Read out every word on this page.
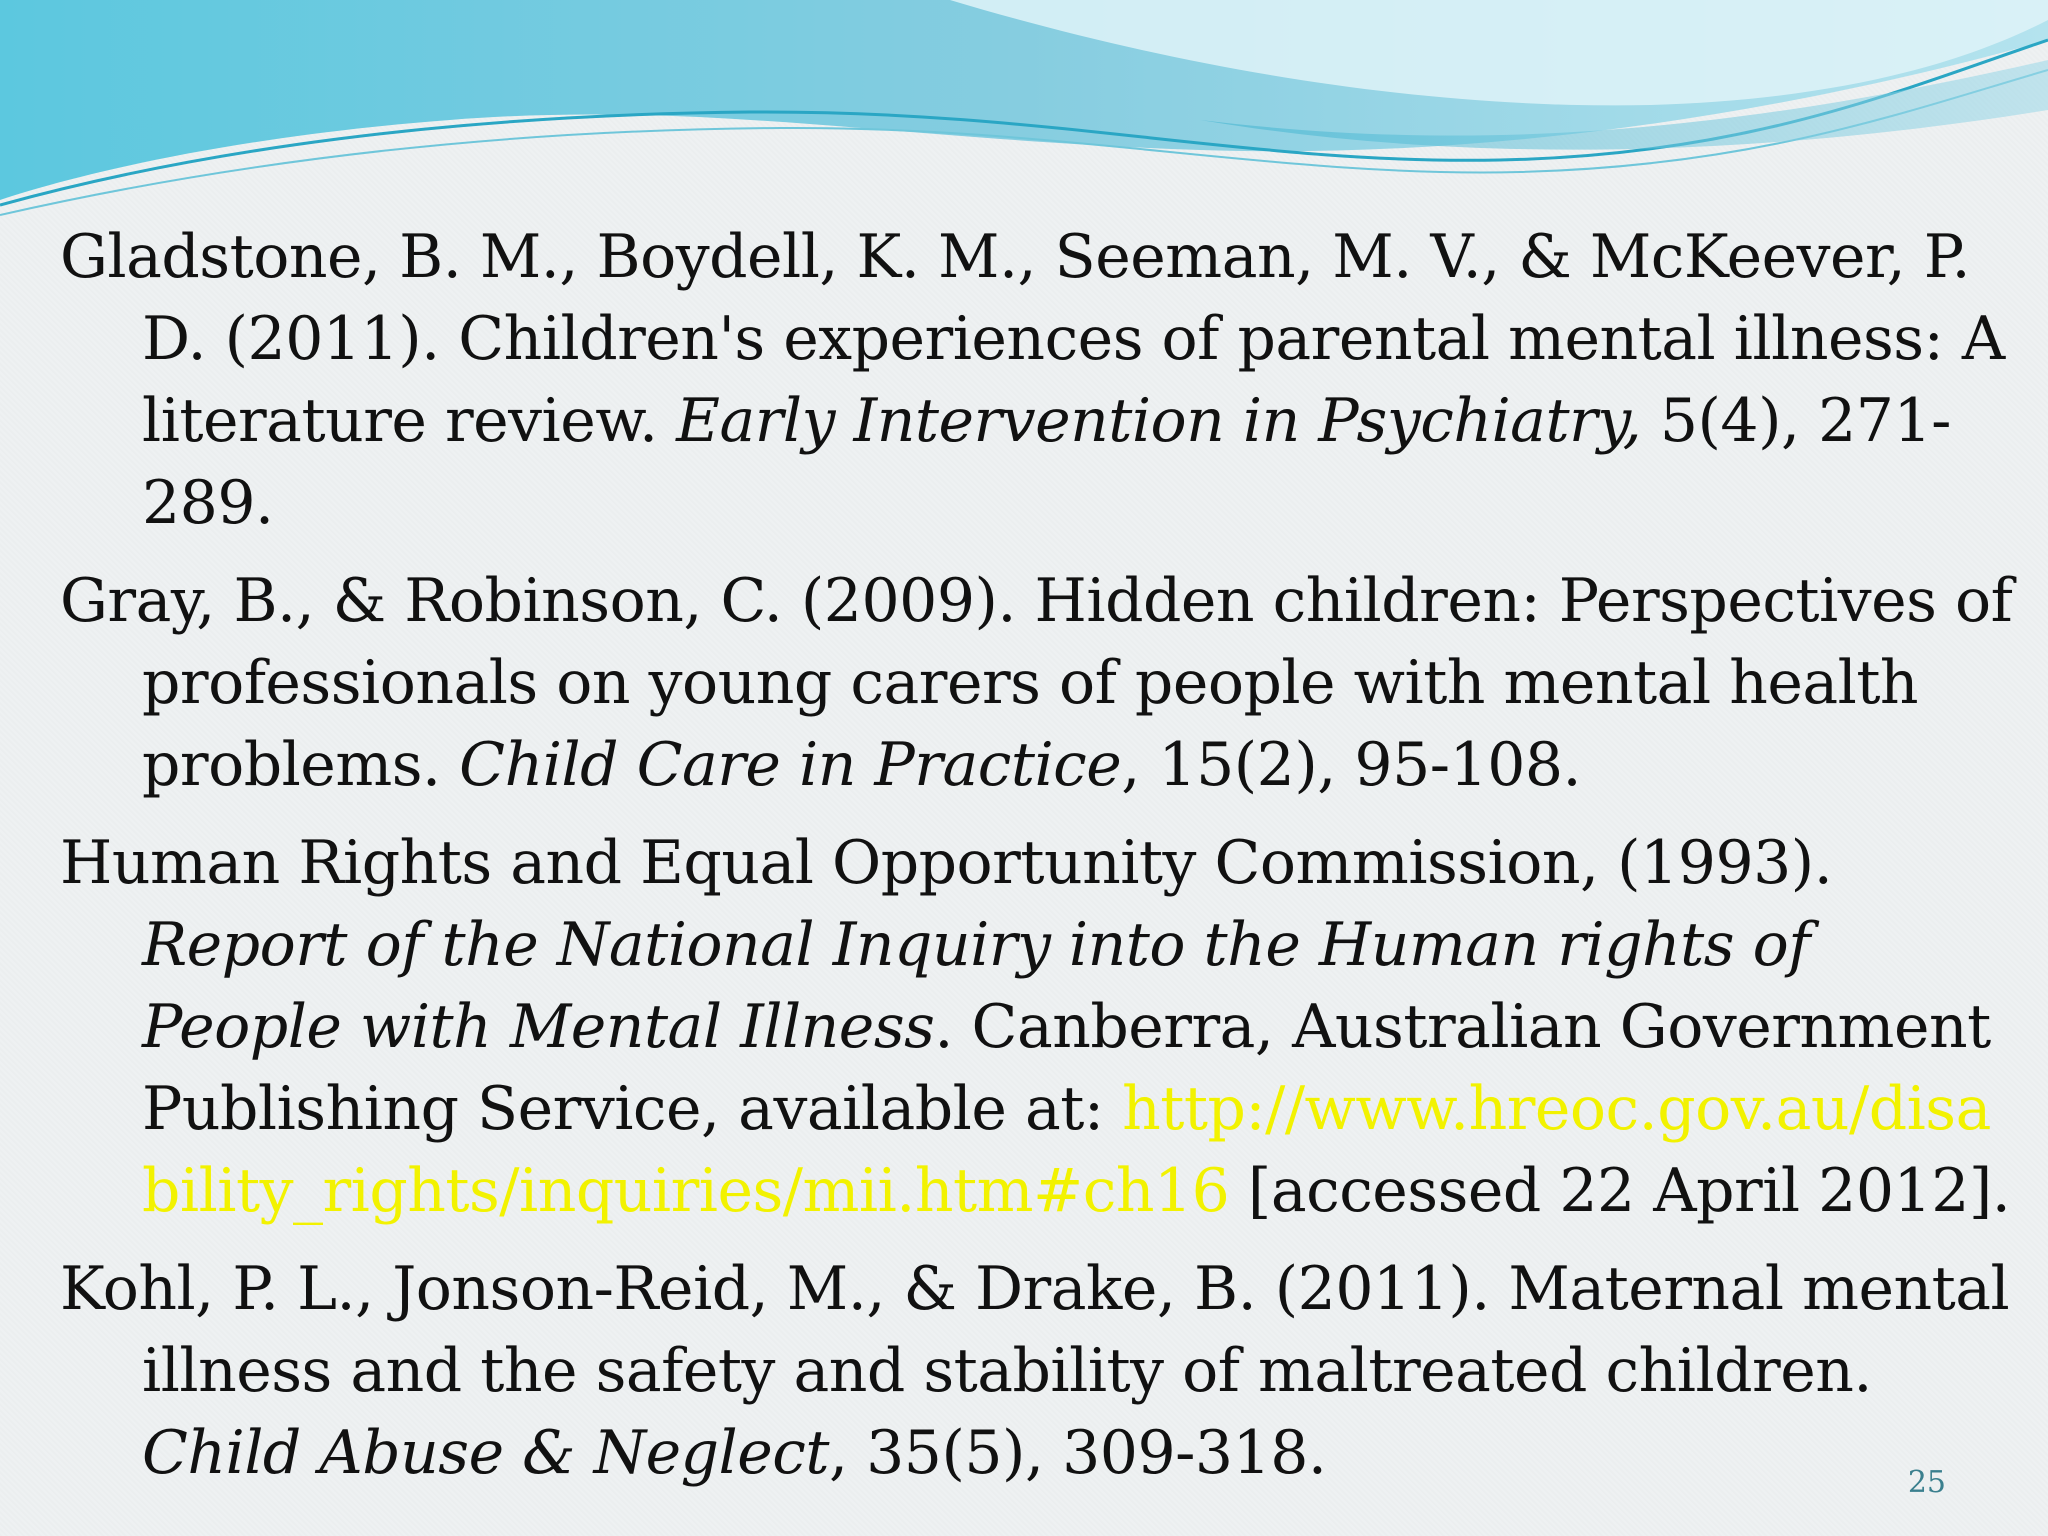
Gladstone, B. M., Boydell, K. M., Seeman, M. V., & McKeever, P. D. (2011). Children's experiences of parental mental illness: A literature review. Early Intervention in Psychiatry, 5(4), 271-289.
Gray, B., & Robinson, C. (2009). Hidden children: Perspectives of professionals on young carers of people with mental health problems. Child Care in Practice, 15(2), 95-108.
Human Rights and Equal Opportunity Commission, (1993). Report of the National Inquiry into the Human rights of People with Mental Illness. Canberra, Australian Government Publishing Service, available at: http://www.hreoc.gov.au/disability_rights/inquiries/mii.htm#ch16 [accessed 22 April 2012].
Kohl, P. L., Jonson-Reid, M., & Drake, B. (2011). Maternal mental illness and the safety and stability of maltreated children. Child Abuse & Neglect, 35(5), 309-318.	25
